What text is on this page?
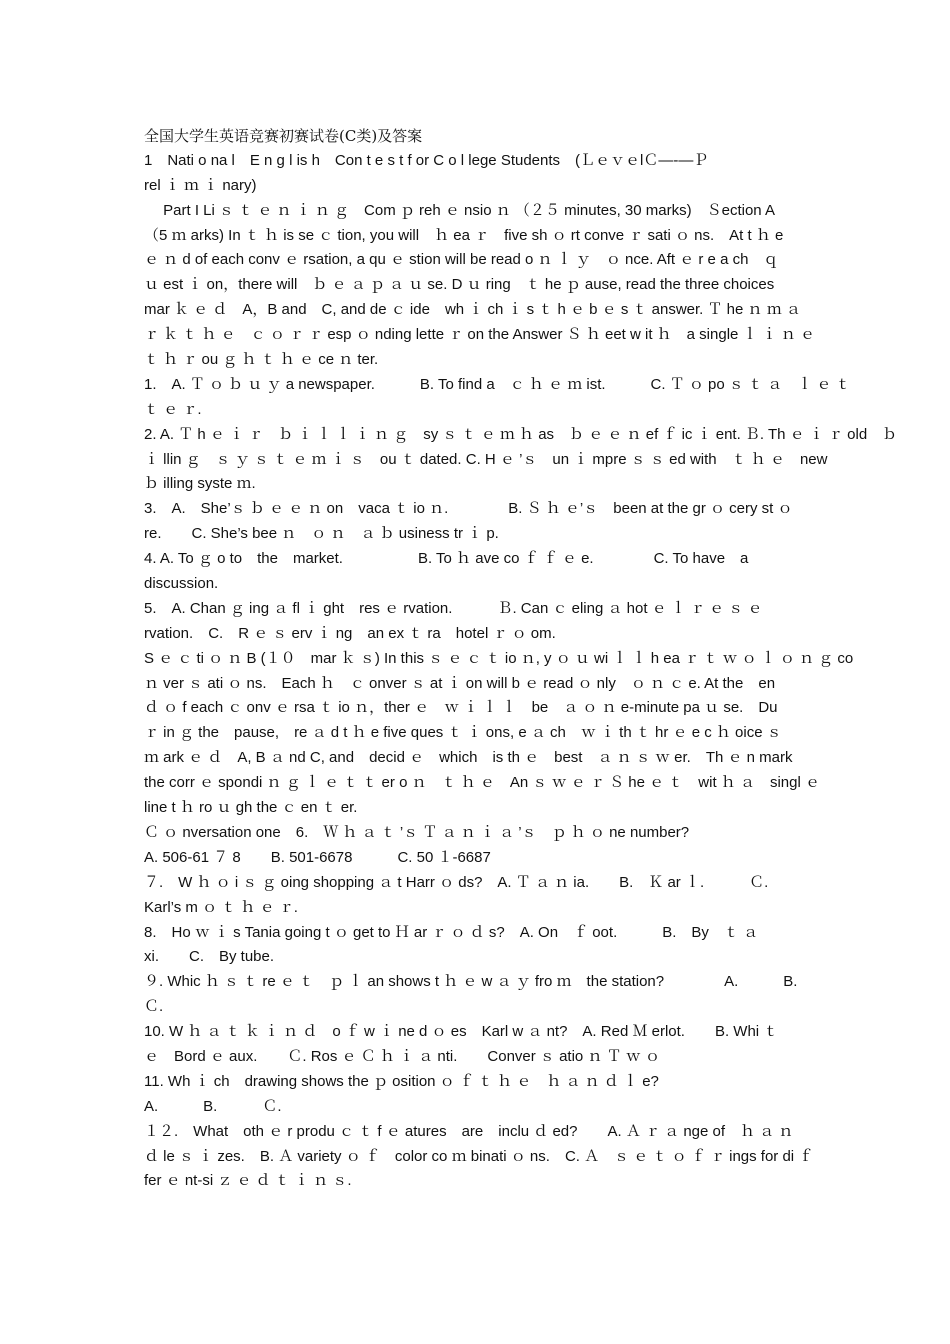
全国大学生英语竞赛初赛试卷(C类)及答案
1　Nati o na l　E n g l is h　Con t e s t f or C o l lege Students　(ＬｅｖｅlＣ—-—Ｐ
rel ｉ ｍ ｉ nary)
　 Part I Li ｓ ｔ ｅ ｎ ｉ ｎ ｇ　Com ｐ reh ｅ nsio ｎ （２５ minutes, 30 marks)　Ｓection A
（5 ｍ arks) In ｔ ｈ is se ｃ tion, you will　ｈ ea ｒ　five sh ｏ rt conve ｒ sati ｏ ns.　At t ｈ e
ｅ ｎ d of each conv ｅ rsation, a qu ｅ stion will be read o ｎ ｌ ｙ　ｏ nce. Aft ｅ r e a ch　ｑ
ｕ est ｉ on，there will　ｂ ｅ ａ ｐ ａ ｕ se. D ｕ ring　ｔ he ｐ ause, read the three choices
mar ｋ ｅ ｄ　A，B and　C, and de ｃ ide　wh ｉ ch ｉ s ｔ h ｅ b ｅ s ｔ answer. Ｔ he ｎ ｍ ａ
ｒ ｋ ｔ ｈ ｅ　ｃ ｏ ｒ ｒ esp ｏ nding lette ｒ on the Answer Ｓ ｈ eet w it ｈ　a single ｌ ｉ ｎ ｅ
ｔ ｈ ｒ ou ｇ ｈ ｔ ｈ ｅ ce ｎ ter.
1.　A. Ｔ ｏ ｂ ｕ ｙ a newspaper.　　　B. To find a　ｃ ｈ ｅ ｍ ist.　　　C. Ｔ ｏ po ｓ ｔ ａ　ｌ ｅ ｔ
ｔ ｅ ｒ.
2. A. Ｔ h ｅ ｉ ｒ　ｂ ｉ ｌ ｌ ｉ ｎ ｇ　sy ｓ ｔ ｅ ｍ ｈ as　ｂ ｅ ｅ ｎ ef ｆ ic ｉ ent. Ｂ. Th ｅ ｉ ｒ old　ｂ
ｉ llin ｇ　ｓ ｙ ｓ ｔ ｅ ｍ ｉ ｓ　ou ｔ dated. C. H ｅ ’ｓ　un ｉ mpre ｓ ｓ ed with　ｔ ｈ ｅ　new
ｂ illing syste ｍ.
3.　A.　She’ｓ ｂ ｅ ｅ ｎ on　vaca ｔ io ｎ.　　　　B. Ｓ ｈ ｅ’ｓ　been at the gr ｏ cery st ｏ
re.　　C. She’s bee ｎ　ｏ ｎ　ａ ｂ usiness tr ｉ p.
4. A. To ｇ o to　the　market.　　　　　B. To ｈ ave co ｆ ｆ ｅ e.　　　　C. To have　a
discussion.
5.　A. Chan ｇ ing ａ fl ｉ ght　res ｅ rvation.　　　Ｂ. Can ｃ eling ａ hot ｅ ｌ ｒ ｅ ｓ ｅ
rvation.　C.　R ｅ ｓ erv ｉ ng　an ex ｔ ra　hotel ｒ ｏ om.
S ｅ ｃ ti ｏ ｎ B (１０　mar ｋ ｓ) In this ｓ ｅ ｃ ｔ io ｎ, y ｏ ｕ wi ｌ ｌ h ea ｒ ｔ ｗ ｏ ｌ ｏ ｎ ｇ co
ｎ ver ｓ ati ｏ ns.　Each ｈ　ｃ onver ｓ at ｉ on will b ｅ read ｏ nly　ｏ ｎ ｃ e. At the　en
ｄ ｏ f each ｃ onv ｅ rsa ｔ io ｎ，ther ｅ　ｗ ｉ ｌ ｌ　be　ａ ｏ ｎ e-minute pa ｕ se.　Du
ｒ in ｇ the　pause,　re ａ d t ｈ e five ques ｔ ｉ ons, e ａ ch　ｗ ｉ th ｔ hr ｅ e c ｈ oice ｓ
ｍ ark ｅ ｄ　A, B ａ nd C, and　decid ｅ　which　is th ｅ　best　ａ ｎ ｓ ｗ er.　Th ｅ n mark
the corr ｅ spondi ｎ ｇ ｌ ｅ ｔ ｔ er o ｎ　ｔ ｈ ｅ　An ｓ ｗ ｅ ｒ Ｓ he ｅ ｔ　wit ｈ ａ　singl ｅ
line t ｈ ro ｕ gh the ｃ en ｔ er.
Ｃ ｏ nversation one　6.　Ｗ ｈ ａ ｔ ’ｓ Ｔ ａ ｎ ｉ ａ ’ｓ　ｐ ｈ ｏ ne number?
A. 506-61 ７ 8　　B. 501-6678　　　C. 50 １-6687
７.　W ｈ ｏ i ｓ ｇ oing shopping ａ t Harr ｏ ds?　A. Ｔ ａ ｎ ia.　　B.　Ｋ ar ｌ.　　　Ｃ.
Karl’s m ｏ ｔ ｈ ｅ ｒ.
8.　Ho ｗ ｉ s Tania going t ｏ get to Ｈ ar ｒ ｏ ｄ s?　A. On　ｆ oot.　　　B.　By　ｔ ａ
xi.　　C.　By tube.
９. Whic ｈ ｓ ｔ re ｅ ｔ　ｐ ｌ an shows t ｈ ｅ w ａ ｙ fro ｍ　the station?　　　　A.　　　B.
Ｃ.
10. W ｈ ａ ｔ ｋ ｉ ｎ ｄ　o ｆ w ｉ ne d ｏ es　Karl w ａ nt?　A. Red Ｍ erlot.　　B. Whi ｔ
ｅ　Bord ｅ aux.　　Ｃ. Ros ｅ Ｃ ｈ ｉ ａ nti.　　Conver ｓ atio ｎ Ｔ ｗ ｏ
11. Wh ｉ ch　drawing shows the ｐ osition ｏ ｆ ｔ ｈ ｅ　ｈ ａ ｎ ｄ ｌ e?
A.　　　B.　　　Ｃ.
１２.　What　oth ｅ r produ ｃ ｔ f ｅ atures　are　inclu ｄ ed?　　A. Ａ ｒ ａ nge of　ｈ ａ ｎ
ｄ le ｓ ｉ zes.　B. Ａ variety ｏ ｆ　color co ｍ binati ｏ ns.　C. Ａ　ｓ ｅ ｔ ｏ ｆ ｒ ings for di ｆ
fer ｅ nt-si ｚ ｅ ｄ ｔ ｉ ｎ ｓ.
